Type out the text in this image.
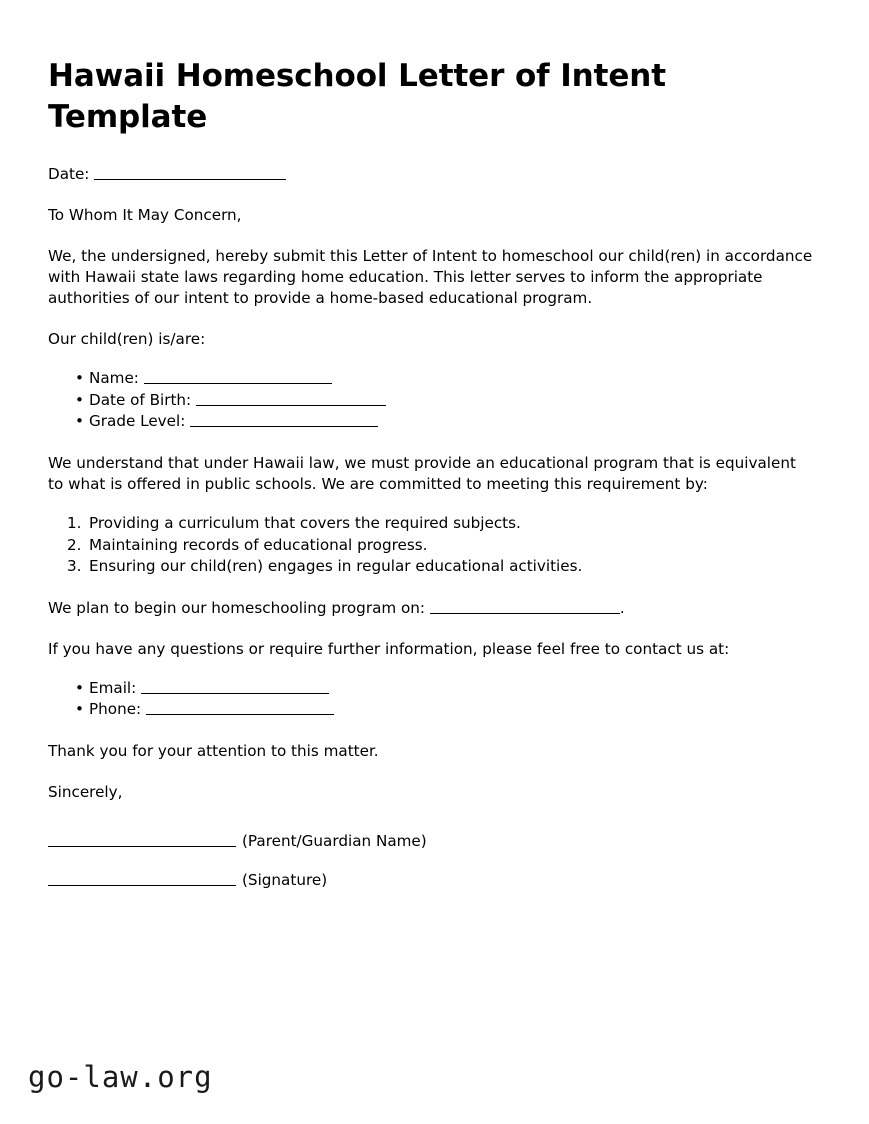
Hawaii Homeschool Letter of Intent Template

Date:

To Whom It May Concern,

We, the undersigned, hereby submit this Letter of Intent to homeschool our child(ren) in accordance with Hawaii state laws regarding home education. This letter serves to inform the appropriate authorities of our intent to provide a home-based educational program.

Our child(ren) is/are:

• Name:
• Date of Birth:
• Grade Level:

We understand that under Hawaii law, we must provide an educational program that is equivalent to what is offered in public schools. We are committed to meeting this requirement by:

Providing a curriculum that covers the required subjects.
Maintaining records of educational progress.
Ensuring our child(ren) engages in regular educational activities.

We plan to begin our homeschooling program on:	.

If you have any questions or require further information, please feel free to contact us at:

• Email:
• Phone:

Thank you for your attention to this matter.

Sincerely,

(Parent/Guardian Name)

(Signature)

go-law.org
